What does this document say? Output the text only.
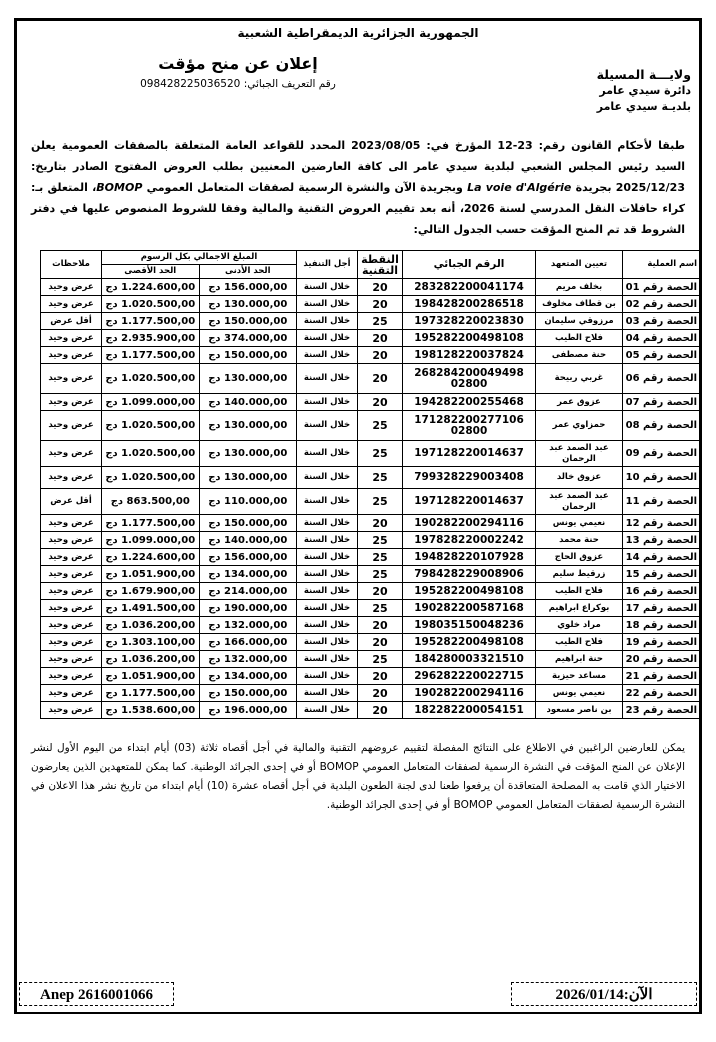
الجمهورية الجزائرية الديمقراطية الشعبية
إعلان عن منح مؤقت
رقم التعريف الجبائي: 098428225036520
ولايـــة المسيلة
دائرة سيدي عامر
بلديـة سيدي عامر
طبقا لأحكام القانون رقم: 23-12 المؤرخ في: 2023/08/05 المحدد للقواعد العامة المتعلقة بالصفقات العمومية يعلن السيد رئيس المجلس الشعبي لبلدية سيدي عامر الى كافة العارضين المعنيين بطلب العروض المفتوح الصادر بتاريخ: 2025/12/23 بجريدة La voie d'Algérie وبجريدة الآن والنشرة الرسمية لصفقات المتعامل العمومي BOMOP، المتعلق بـ: كراء حافلات النقل المدرسي لسنة 2026، أنه بعد تقييم العروض التقنية والمالية وفقا للشروط المنصوص عليها في دفتر الشروط قد تم المنح المؤقت حسب الجدول التالي:
اسم العملية	تعيين المتعهد	الرقم الجبائي	النقطة التقنية	أجل التنفيذ	المبلغ الاجمالي بكل الرسوم		ملاحظات
					الحد الأدنى	الحد الأقصى	
الحصة رقم 01	بخلف مريم	283282200041174	20	خلال السنة	156.000,00 دج	1.224.600,00 دج	عرض وحيد
الحصة رقم 02	بن قطاف مخلوف	198428200286518	20	خلال السنة	130.000,00 دج	1.020.500,00 دج	عرض وحيد
الحصة رقم 03	مرزوقي سليمان	197328220023830	25	خلال السنة	150.000,00 دج	1.177.500,00 دج	أقل عرض
الحصة رقم 04	فلاح الطيب	195282200498108	20	خلال السنة	374.000,00 دج	2.935.900,00 دج	عرض وحيد
الحصة رقم 05	حنة مصطفى	198128220037824	20	خلال السنة	150.000,00 دج	1.177.500,00 دج	عرض وحيد
الحصة رقم 06	غربي ربيحة	268284200049498 02800	20	خلال السنة	130.000,00 دج	1.020.500,00 دج	عرض وحيد
الحصة رقم 07	عزوق عمر	194282200255468	20	خلال السنة	140.000,00 دج	1.099.000,00 دج	عرض وحيد
الحصة رقم 08	حمزاوي عمر	171282200277106 02800	25	خلال السنة	130.000,00 دج	1.020.500,00 دج	عرض وحيد
الحصة رقم 09	عبد الصمد عبد الرحمان	197128220014637	25	خلال السنة	130.000,00 دج	1.020.500,00 دج	عرض وحيد
الحصة رقم 10	عزوق خالد	799328229003408	25	خلال السنة	130.000,00 دج	1.020.500,00 دج	عرض وحيد
الحصة رقم 11	عبد الصمد عبد الرحمان	197128220014637	25	خلال السنة	110.000,00 دج	863.500,00 دج	أقل عرض
الحصة رقم 12	نعيمي يونس	190282200294116	20	خلال السنة	150.000,00 دج	1.177.500,00 دج	عرض وحيد
الحصة رقم 13	حنة محمد	197828220002242	25	خلال السنة	140.000,00 دج	1.099.000,00 دج	عرض وحيد
الحصة رقم 14	عزوق الحاج	194828220107928	25	خلال السنة	156.000,00 دج	1.224.600,00 دج	عرض وحيد
الحصة رقم 15	زرقيط سليم	798428229008906	25	خلال السنة	134.000,00 دج	1.051.900,00 دج	عرض وحيد
الحصة رقم 16	فلاح الطيب	195282200498108	20	خلال السنة	214.000,00 دج	1.679.900,00 دج	عرض وحيد
الحصة رقم 17	بوكراع ابراهيم	190282200587168	25	خلال السنة	190.000,00 دج	1.491.500,00 دج	عرض وحيد
الحصة رقم 18	مراد خلوي	198035150048236	20	خلال السنة	132.000,00 دج	1.036.200,00 دج	عرض وحيد
الحصة رقم 19	فلاح الطيب	195282200498108	20	خلال السنة	166.000,00 دج	1.303.100,00 دج	عرض وحيد
الحصة رقم 20	حنة ابراهيم	184280003321510	25	خلال السنة	132.000,00 دج	1.036.200,00 دج	عرض وحيد
الحصة رقم 21	مساعد حيزية	296282220022715	20	خلال السنة	134.000,00 دج	1.051.900,00 دج	عرض وحيد
الحصة رقم 22	نعيمي يونس	190282200294116	20	خلال السنة	150.000,00 دج	1.177.500,00 دج	عرض وحيد
الحصة رقم 23	بن ناصر مسعود	182282200054151	20	خلال السنة	196.000,00 دج	1.538.600,00 دج	عرض وحيد
يمكن للعارضين الراغبين في الاطلاع على النتائج المفصلة لتقييم عروضهم التقنية والمالية في أجل أقصاه ثلاثة (03) أيام ابتداء من اليوم الأول لنشر الإعلان عن المنح المؤقت في النشرة الرسمية لصفقات المتعامل العمومي BOMOP أو في إحدى الجرائد الوطنية. كما يمكن للمتعهدين الذين يعارضون الاختيار الذي قامت به المصلحة المتعاقدة أن يرفعوا طعنا لدى لجنة الطعون البلدية في أجل أقصاه عشرة (10) أيام ابتداء من تاريخ نشر هذا الاعلان في النشرة الرسمية لصفقات المتعامل العمومي BOMOP أو في إحدى الجرائد الوطنية.
Anep 2616001066	الآن:2026/01/14
